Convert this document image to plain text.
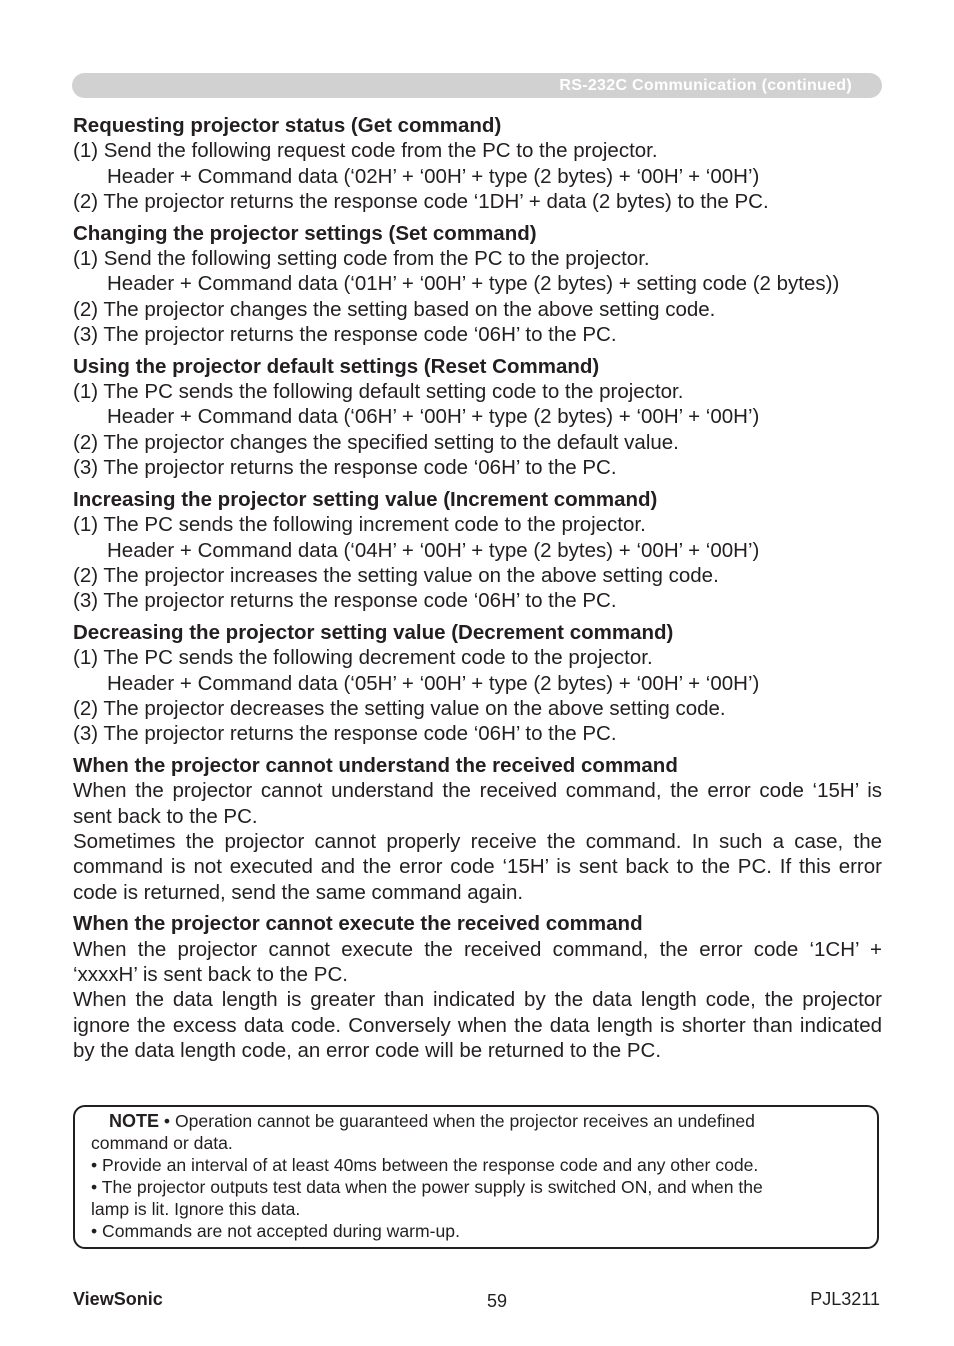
RS-232C Communication (continued)

Requesting projector status (Get command)

(1) Send the following request code from the PC to the projector.

Header + Command data (‘02H’ + ‘00H’ + type (2 bytes) + ‘00H’ + ‘00H’)

(2) The projector returns the response code ‘1DH’ + data (2 bytes) to the PC.

Changing the projector settings (Set command)

(1) Send the following setting code from the PC to the projector.

Header + Command data (‘01H’ + ‘00H’ + type (2 bytes) + setting code (2 bytes))

(2) The projector changes the setting based on the above setting code.

(3) The projector returns the response code ‘06H’ to the PC.

Using the projector default settings (Reset Command)

(1) The PC sends the following default setting code to the projector.

Header + Command data (‘06H’ + ‘00H’ + type (2 bytes) + ‘00H’ + ‘00H’)

(2) The projector changes the specified setting to the default value.

(3) The projector returns the response code ‘06H’ to the PC.

Increasing the projector setting value (Increment command)

(1) The PC sends the following increment code to the projector.

Header + Command data (‘04H’ + ‘00H’ + type (2 bytes) + ‘00H’ + ‘00H’)

(2) The projector increases the setting value on the above setting code.

(3) The projector returns the response code ‘06H’ to the PC.

Decreasing the projector setting value (Decrement command)

(1) The PC sends the following decrement code to the projector.

Header + Command data (‘05H’ + ‘00H’ + type (2 bytes) + ‘00H’ + ‘00H’)

(2) The projector decreases the setting value on the above setting code.

(3) The projector returns the response code ‘06H’ to the PC.

When the projector cannot understand the received command

When the projector cannot understand the received command, the error code ‘15H’ is sent back to the PC.

Sometimes the projector cannot properly receive the command. In such a case, the command is not executed and the error code ‘15H’ is sent back to the PC. If this error code is returned, send the same command again.

When the projector cannot execute the received command

When the projector cannot execute the received command, the error code ‘1CH’ + ‘xxxxH’ is sent back to the PC.

When the data length is greater than indicated by the data length code, the projector ignore the excess data code. Conversely when the data length is shorter than indicated by the data length code, an error code will be returned to the PC.

NOTE • Operation cannot be guaranteed when the projector receives an undefined

command or data.

• Provide an interval of at least 40ms between the response code and any other code.

• The projector outputs test data when the power supply is switched ON, and when the

lamp is lit. Ignore this data.

• Commands are not accepted during warm-up.

ViewSonic	59	PJL3211
